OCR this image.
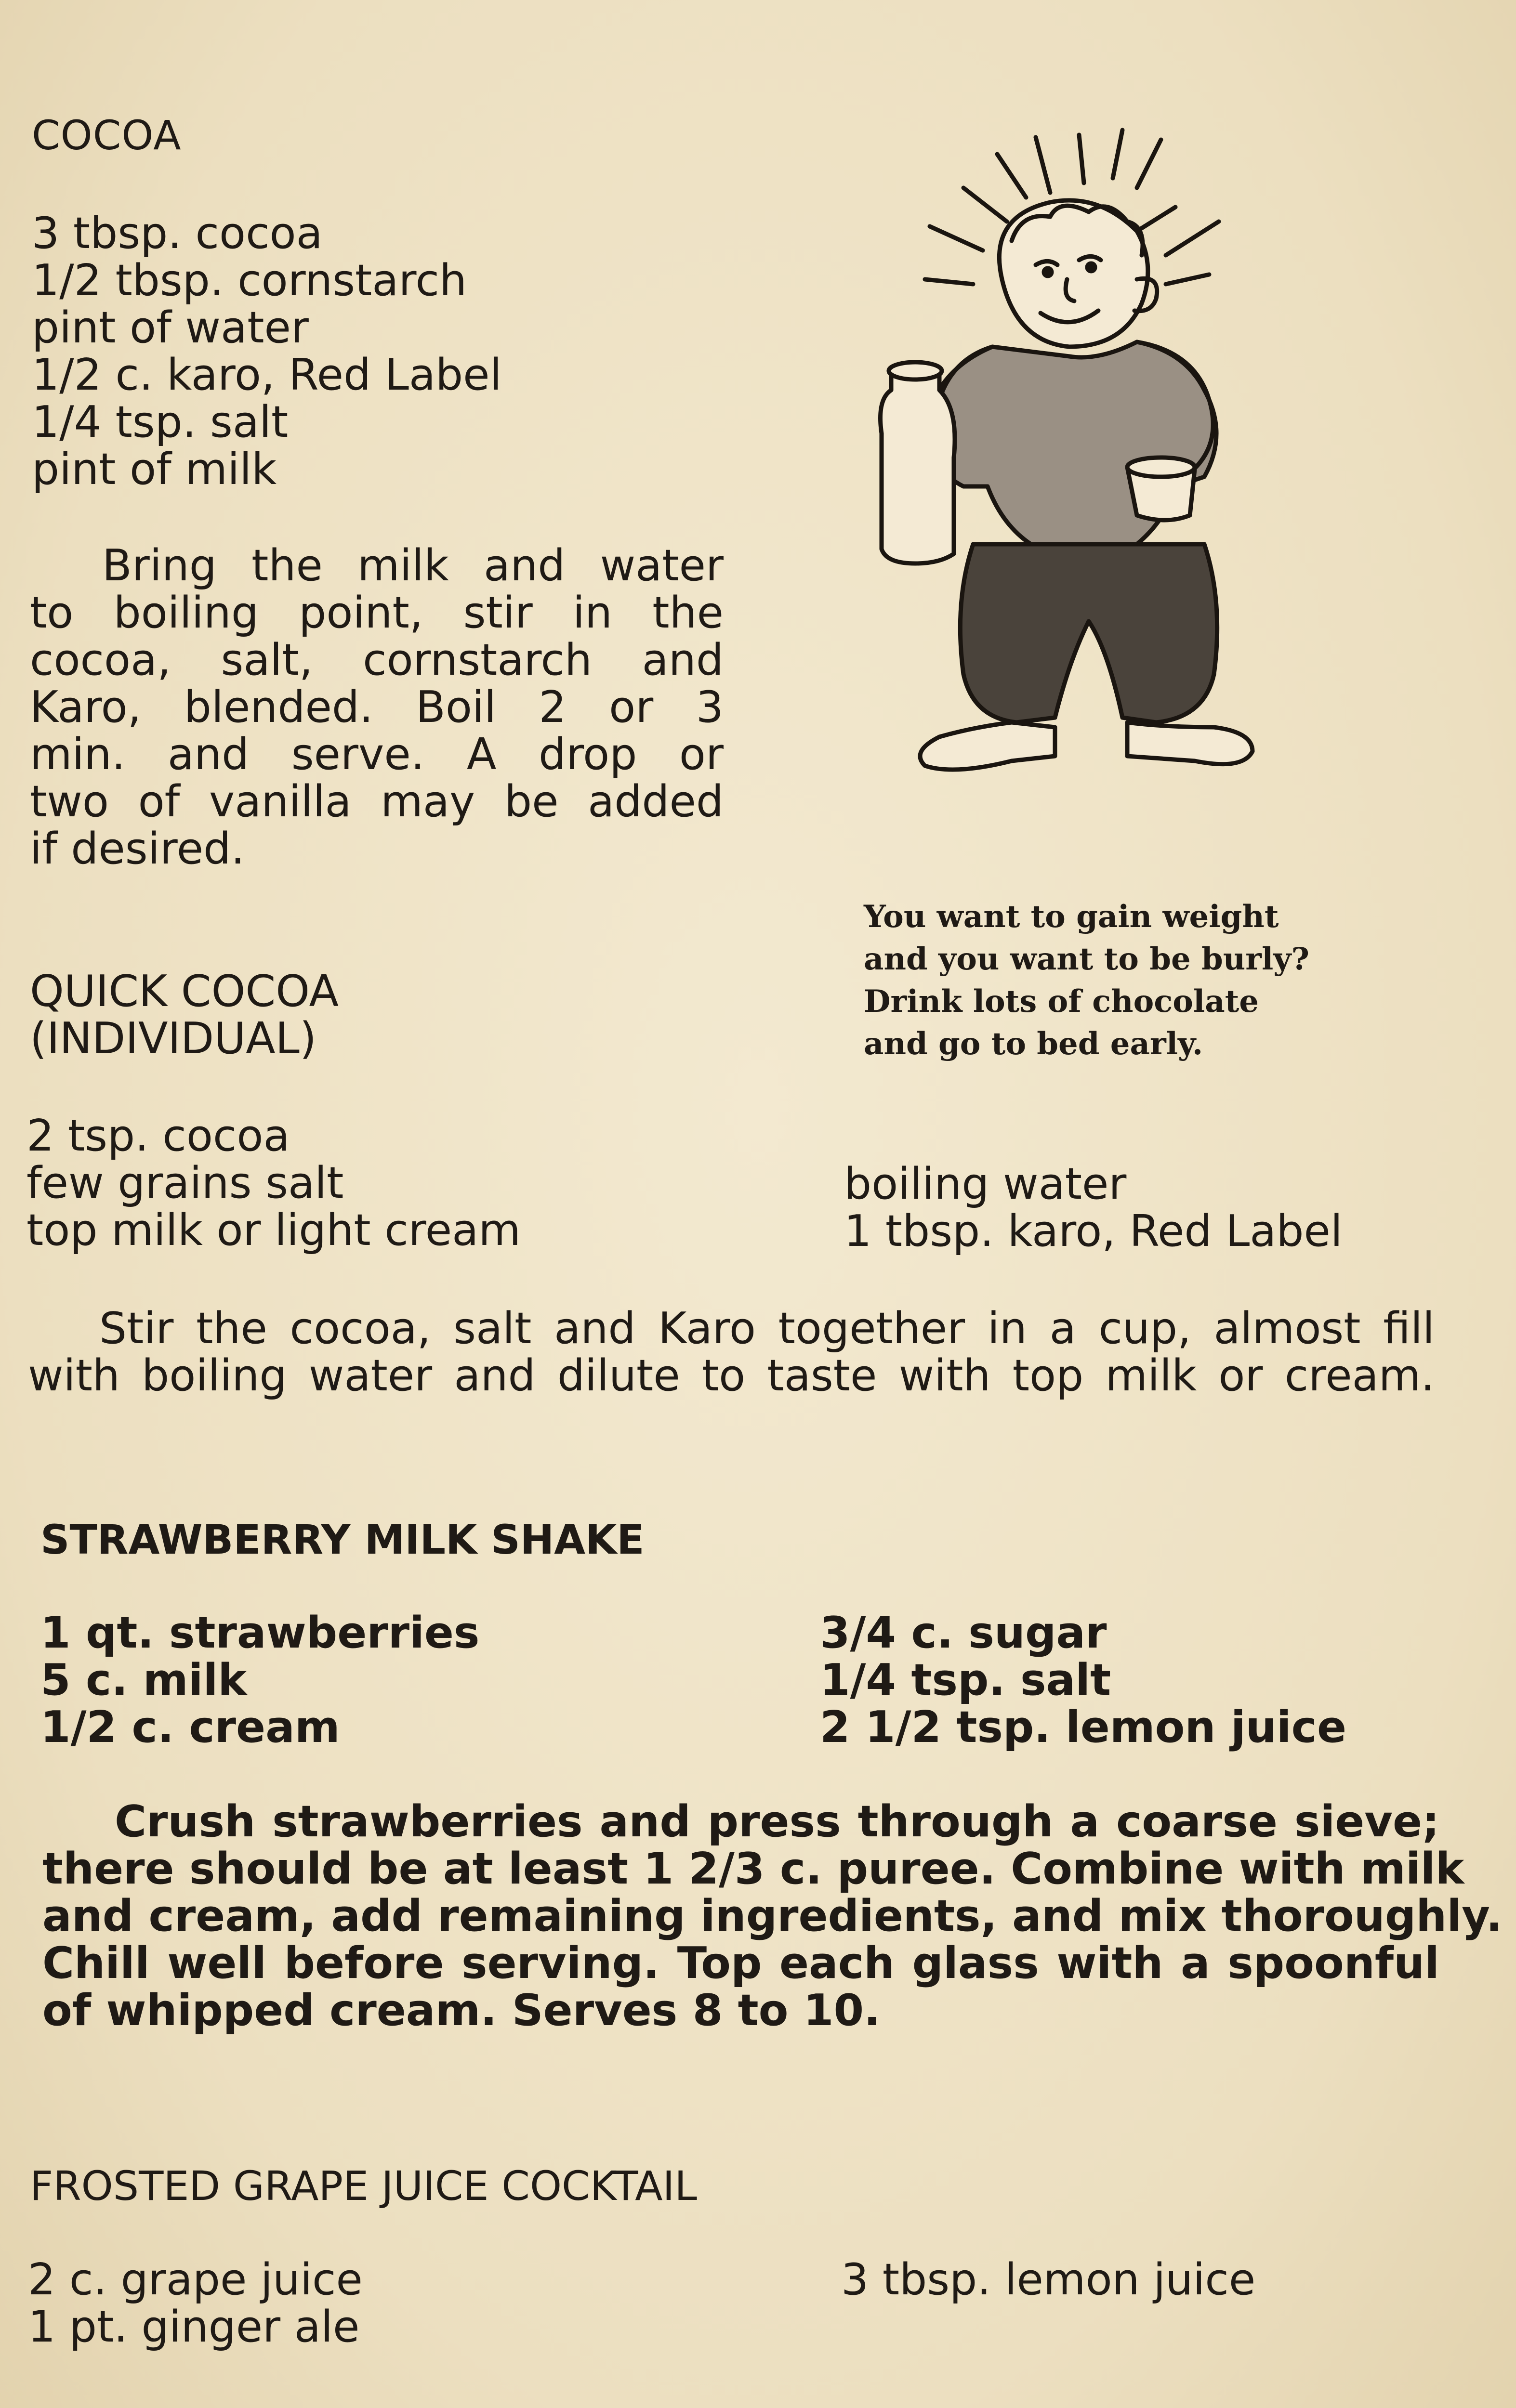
COCOA
3 tbsp. cocoa
1/2 tbsp. cornstarch
pint of water
1/2 c. karo, Red Label
1/4 tsp. salt
pint of milk
Bring the milk and water
to boiling point, stir in the
cocoa, salt, cornstarch and
Karo, blended. Boil 2 or 3
min. and serve. A drop or
two of vanilla may be added
if desired.
You want to gain weight
and you want to be burly?
Drink lots of chocolate
and go to bed early.
QUICK COCOA
(INDIVIDUAL)
2 tsp. cocoa
few grains salt
top milk or light cream
boiling water
1 tbsp. karo, Red Label
Stir the cocoa, salt and Karo together in a cup, almost fill
with boiling water and dilute to taste with top milk or cream.
STRAWBERRY MILK SHAKE
1 qt. strawberries
5 c. milk
1/2 c. cream
3/4 c. sugar
1/4 tsp. salt
2 1/2 tsp. lemon juice
Crush strawberries and press through a coarse sieve;
there should be at least 1 2/3 c. puree. Combine with milk
and cream, add remaining ingredients, and mix thoroughly.
Chill well before serving. Top each glass with a spoonful
of whipped cream. Serves 8 to 10.
FROSTED GRAPE JUICE COCKTAIL
2 c. grape juice
1 pt. ginger ale
3 tbsp. lemon juice
